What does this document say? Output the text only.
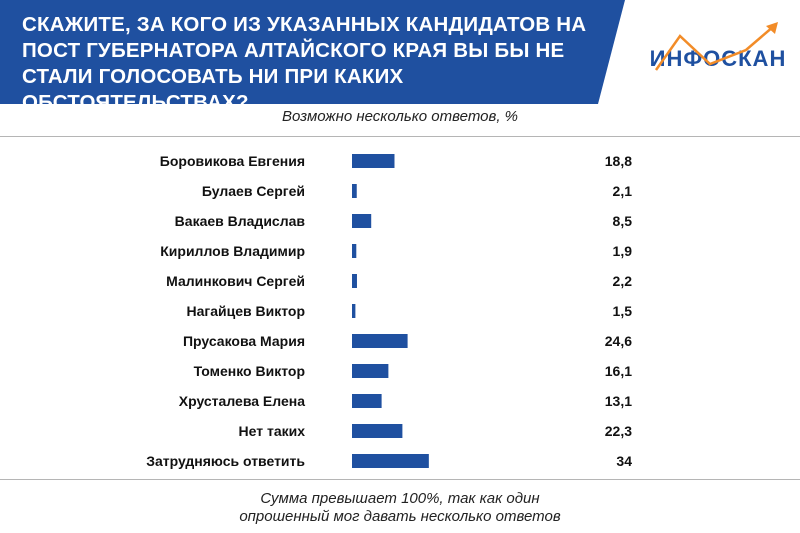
СКАЖИТЕ, ЗА КОГО ИЗ УКАЗАННЫХ КАНДИДАТОВ НА ПОСТ ГУБЕРНАТОРА АЛТАЙСКОГО КРАЯ ВЫ БЫ НЕ СТАЛИ ГОЛОСОВАТЬ НИ ПРИ КАКИХ ОБСТОЯТЕЛЬСТВАХ?
ИНФОСКАН
Возможно несколько ответов, %
Боровикова Евгения	18,8
Булаев Сергей	2,1
Вакаев Владислав	8,5
Кириллов Владимир	1,9
Малинкович Сергей	2,2
Нагайцев Виктор	1,5
Прусакова Мария	24,6
Томенко Виктор	16,1
Хрусталева Елена	13,1
Нет таких	22,3
Затрудняюсь ответить	34
Сумма превышает 100%, так как один
опрошенный мог давать несколько ответов
